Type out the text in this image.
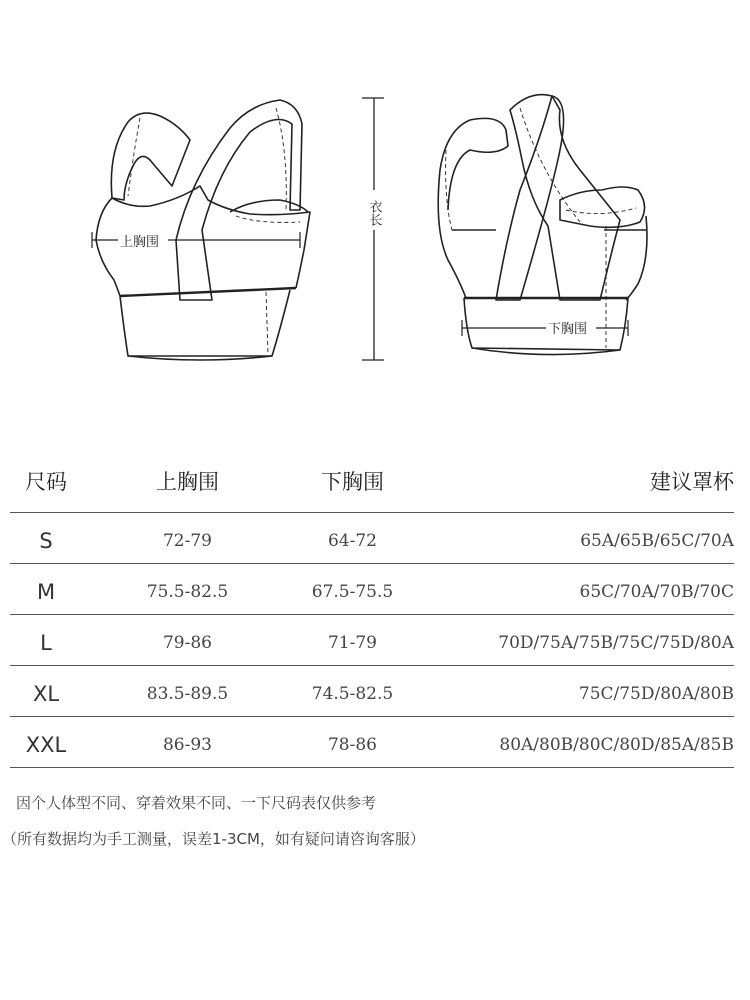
上胸围
衣长
下胸围
尺码	上胸围	下胸围	建议罩杯
S	72-79	64-72	65A/65B/65C/70A
M	75.5-82.5	67.5-75.5	65C/70A/70B/70C
L	79-86	71-79	70D/75A/75B/75C/75D/80A
XL	83.5-89.5	74.5-82.5	75C/75D/80A/80B
XXL	86-93	78-86	80A/80B/80C/80D/85A/85B
因个人体型不同、穿着效果不同、一下尺码表仅供参考
（所有数据均为手工测量，误差1-3CM，如有疑问请咨询客服）
